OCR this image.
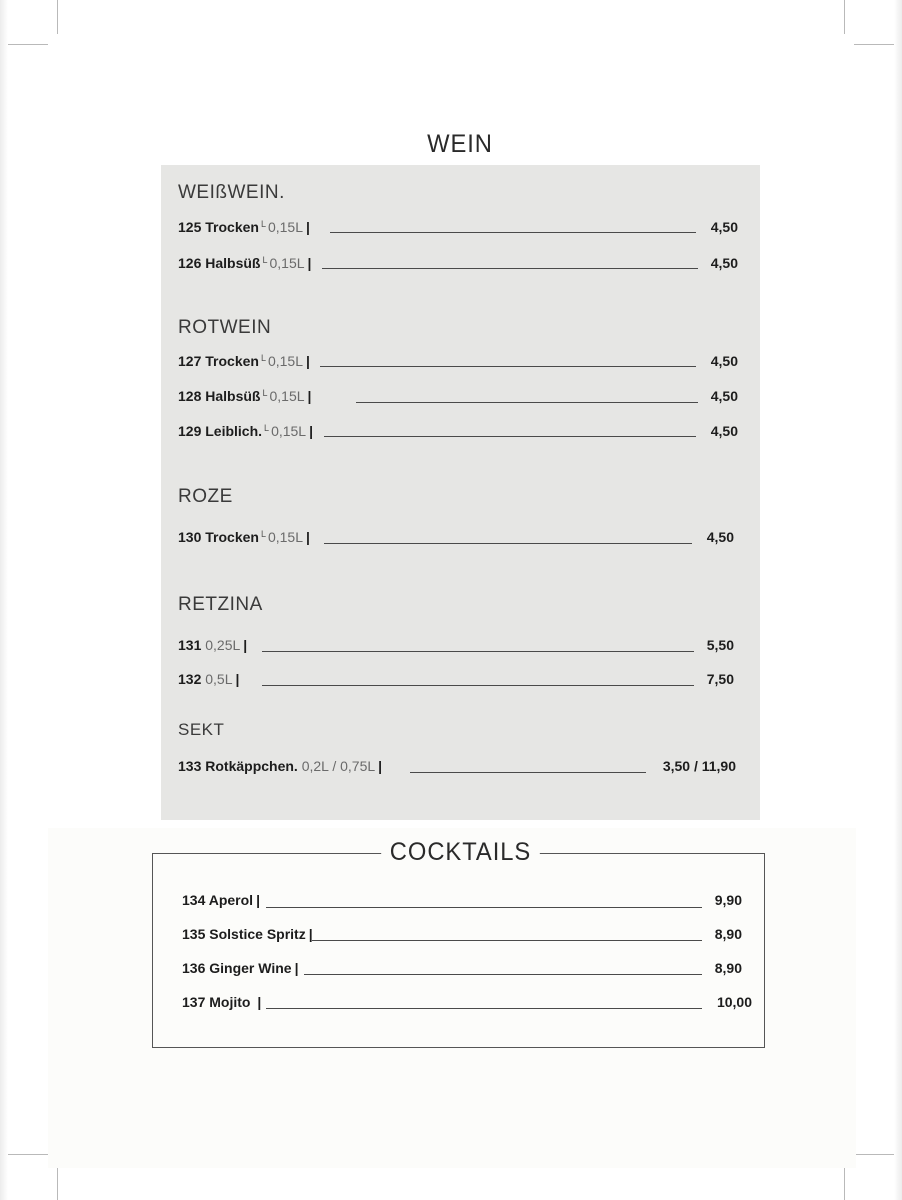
WEIN
WEIßWEIN.
ROTWEIN
ROZE
RETZINA
SEKT
125 Trocken $^L$ 0,15L |	4,50
126 Halbsüß $^L$ 0,15L |	4,50
127 Trocken $^L$ 0,15L |	4,50
128 Halbsüß $^L$ 0,15L |	4,50
129 Leiblich. $^L$ 0,15L |	4,50
130 Trocken $^L$ 0,15L |	4,50
131 0,25L |	5,50
132 0,5L |	7,50
133 Rotkäppchen. 0,2L / 0,75L |	3,50 / 11,90
COCKTAILS
134 Aperol |	9,90
135 Solstice Spritz |	8,90
136 Ginger Wine |	8,90
137 Mojito |	10,00
